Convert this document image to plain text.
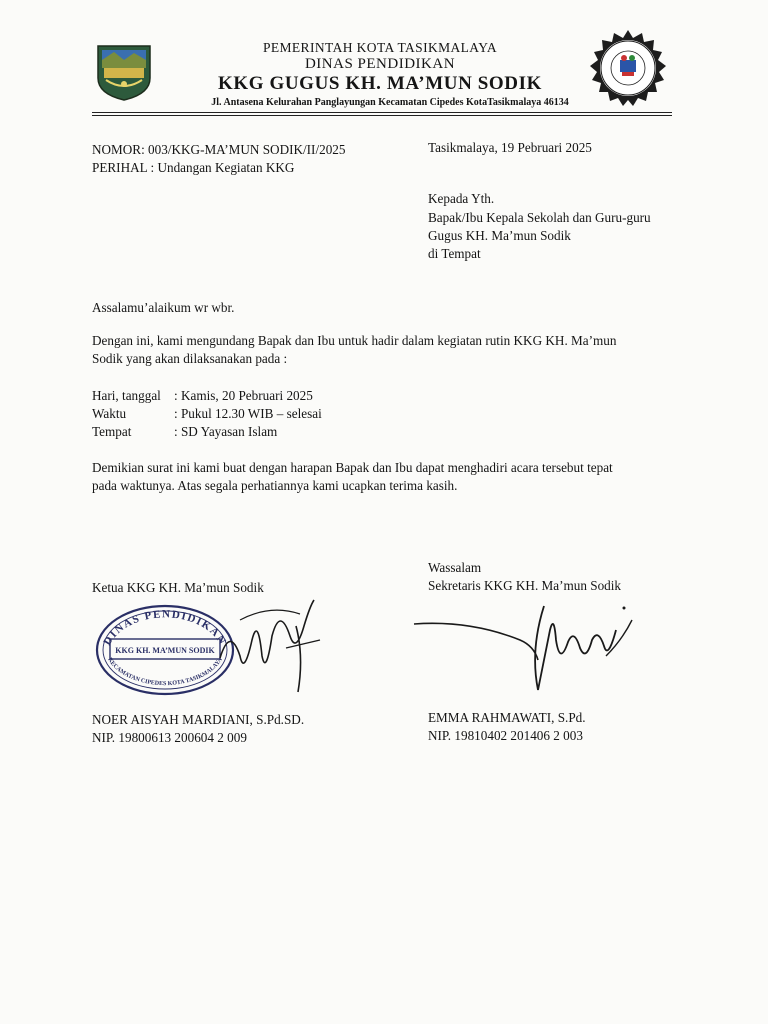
PEMERINTAH KOTA TASIKMALAYA
DINAS PENDIDIKAN
KKG GUGUS KH. MA’MUN SODIK
Jl. Antasena Kelurahan Panglayungan Kecamatan Cipedes KotaTasikmalaya 46134
NOMOR: 003/KKG-MA’MUN SODIK/II/2025
PERIHAL : Undangan Kegiatan KKG
Tasikmalaya, 19 Pebruari 2025
Kepada Yth.
Bapak/Ibu Kepala Sekolah dan Guru-guru
Gugus KH. Ma’mun Sodik
di Tempat
Assalamu’alaikum wr wbr.
Dengan ini, kami mengundang Bapak dan Ibu untuk hadir dalam kegiatan rutin KKG KH. Ma’mun
Sodik yang akan dilaksanakan pada :
Hari, tanggal : Kamis, 20 Pebruari 2025
Waktu	: Pukul 12.30 WIB – selesai
Tempat	: SD Yayasan Islam
Demikian surat ini kami buat dengan harapan Bapak dan Ibu dapat menghadiri acara tersebut tepat
pada waktunya. Atas segala perhatiannya kami ucapkan terima kasih.
Wassalam
Sekretaris KKG KH. Ma’mun Sodik
Ketua KKG KH. Ma’mun Sodik
DINAS PENDIDIKAN
KKG KH. MA’MUN SODIK
KECAMATAN CIPEDES KOTA TASIKMALAYA
NOER AISYAH MARDIANI, S.Pd.SD.
NIP. 19800613 200604 2 009
EMMA RAHMAWATI, S.Pd.
NIP. 19810402 201406 2 003
